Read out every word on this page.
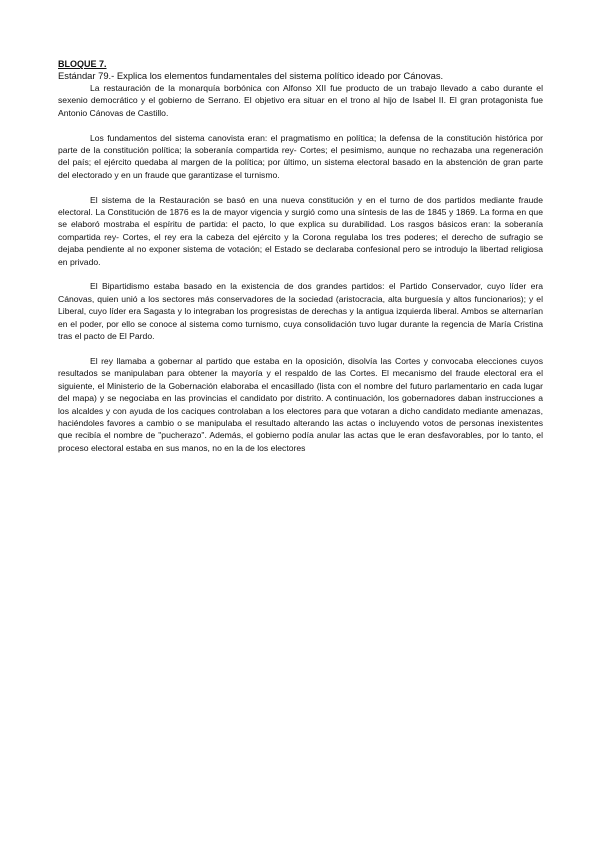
BLOQUE 7.

Estándar 79.- Explica los elementos fundamentales del sistema político ideado por Cánovas.

La restauración de la monarquía borbónica con Alfonso XII fue producto de un trabajo llevado a cabo durante el sexenio democrático y el gobierno de Serrano. El objetivo era situar en el trono al hijo de Isabel II. El gran protagonista fue Antonio Cánovas de Castillo.

Los fundamentos del sistema canovista eran: el pragmatismo en política; la defensa de la constitución histórica por parte de la constitución política; la soberanía compartida rey- Cortes; el pesimismo, aunque no rechazaba una regeneración del país; el ejército quedaba al margen de la política; por último, un sistema electoral basado en la abstención de gran parte del electorado y en un fraude que garantizase el turnismo.

El sistema de la Restauración se basó en una nueva constitución y en el turno de dos partidos mediante fraude electoral. La Constitución de 1876 es la de mayor vigencia y surgió como una síntesis de las de 1845 y 1869. La forma en que se elaboró mostraba el espíritu de partida: el pacto, lo que explica su durabilidad. Los rasgos básicos eran: la soberanía compartida rey- Cortes, el rey era la cabeza del ejército y la Corona regulaba los tres poderes; el derecho de sufragio se dejaba pendiente al no exponer sistema de votación; el Estado se declaraba confesional pero se introdujo la libertad religiosa en privado.

El Bipartidismo estaba basado en la existencia de dos grandes partidos: el Partido Conservador, cuyo líder era Cánovas, quien unió a los sectores más conservadores de la sociedad (aristocracia, alta burguesía y altos funcionarios); y el Liberal, cuyo líder era Sagasta y lo integraban los progresistas de derechas y la antigua izquierda liberal. Ambos se alternarían en el poder, por ello se conoce al sistema como turnismo, cuya consolidación tuvo lugar durante la regencia de María Cristina tras el pacto de El Pardo.

El rey llamaba a gobernar al partido que estaba en la oposición, disolvía las Cortes y convocaba elecciones cuyos resultados se manipulaban para obtener la mayoría y el respaldo de las Cortes. El mecanismo del fraude electoral era el siguiente, el Ministerio de la Gobernación elaboraba el encasillado (lista con el nombre del futuro parlamentario en cada lugar del mapa) y se negociaba en las provincias el candidato por distrito. A continuación, los gobernadores daban instrucciones a los alcaldes y con ayuda de los caciques controlaban a los electores para que votaran a dicho candidato mediante amenazas, haciéndoles favores a cambio o se manipulaba el resultado alterando las actas o incluyendo votos de personas inexistentes que recibía el nombre de "pucherazo". Además, el gobierno podía anular las actas que le eran desfavorables, por lo tanto, el proceso electoral estaba en sus manos, no en la de los electores
